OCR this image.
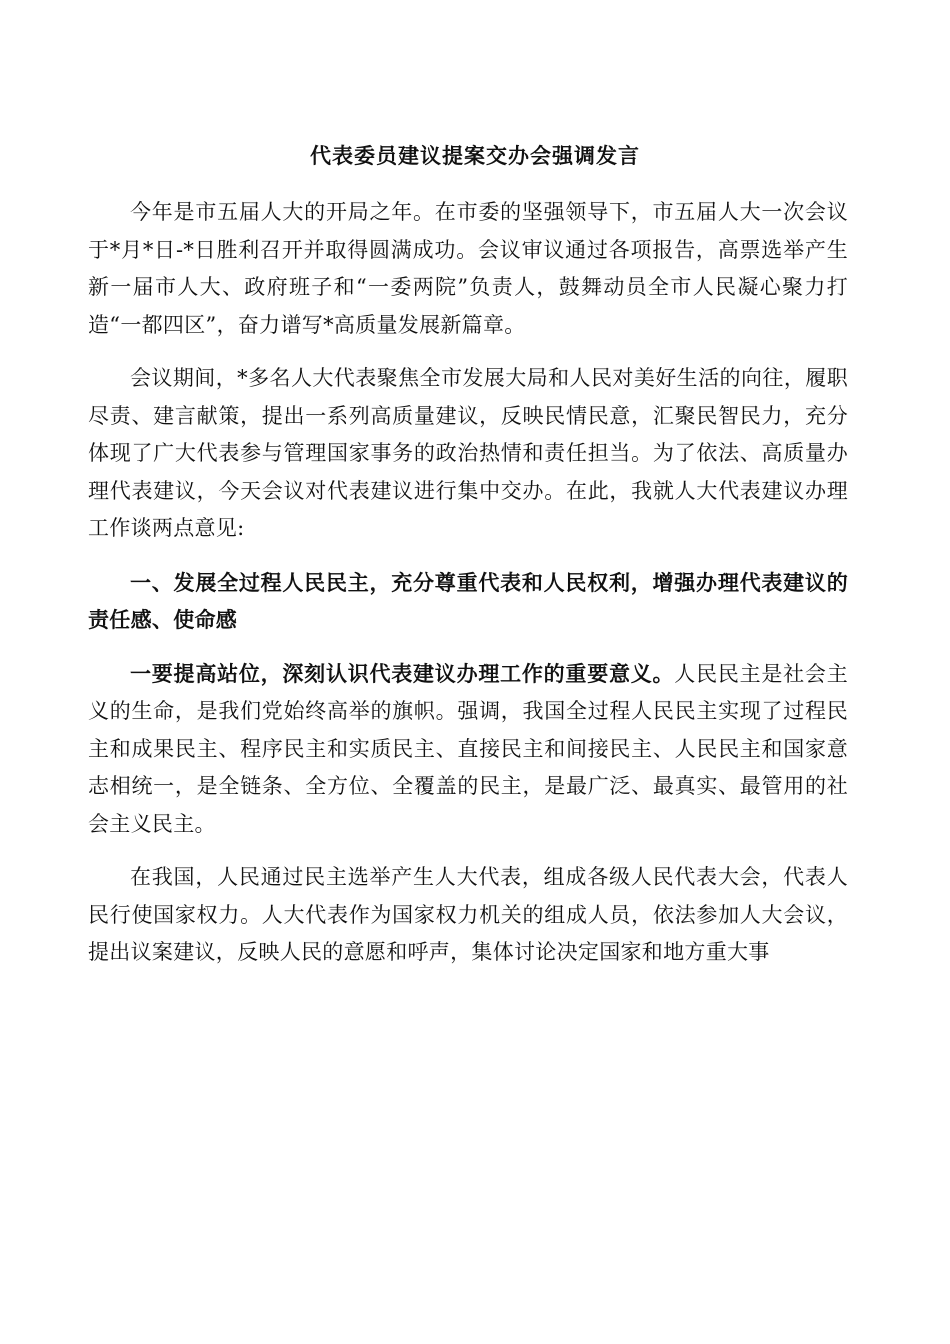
代表委员建议提案交办会强调发言

今年是市五届人大的开局之年。在市委的坚强领导下，市五届人大一次会议于*月*日-*日胜利召开并取得圆满成功。会议审议通过各项报告，高票选举产生新一届市人大、政府班子和“一委两院”负责人，鼓舞动员全市人民凝心聚力打造“一都四区”，奋力谱写*高质量发展新篇章。

会议期间，*多名人大代表聚焦全市发展大局和人民对美好生活的向往，履职尽责、建言献策，提出一系列高质量建议，反映民情民意，汇聚民智民力，充分体现了广大代表参与管理国家事务的政治热情和责任担当。为了依法、高质量办理代表建议，今天会议对代表建议进行集中交办。在此，我就人大代表建议办理工作谈两点意见:

一、发展全过程人民民主，充分尊重代表和人民权利，增强办理代表建议的责任感、使命感

一要提高站位，深刻认识代表建议办理工作的重要意义。人民民主是社会主义的生命，是我们党始终高举的旗帜。强调，我国全过程人民民主实现了过程民主和成果民主、程序民主和实质民主、直接民主和间接民主、人民民主和国家意志相统一，是全链条、全方位、全覆盖的民主，是最广泛、最真实、最管用的社会主义民主。

在我国，人民通过民主选举产生人大代表，组成各级人民代表大会，代表人民行使国家权力。人大代表作为国家权力机关的组成人员，依法参加人大会议，提出议案建议，反映人民的意愿和呼声，集体讨论决定国家和地方重大事
